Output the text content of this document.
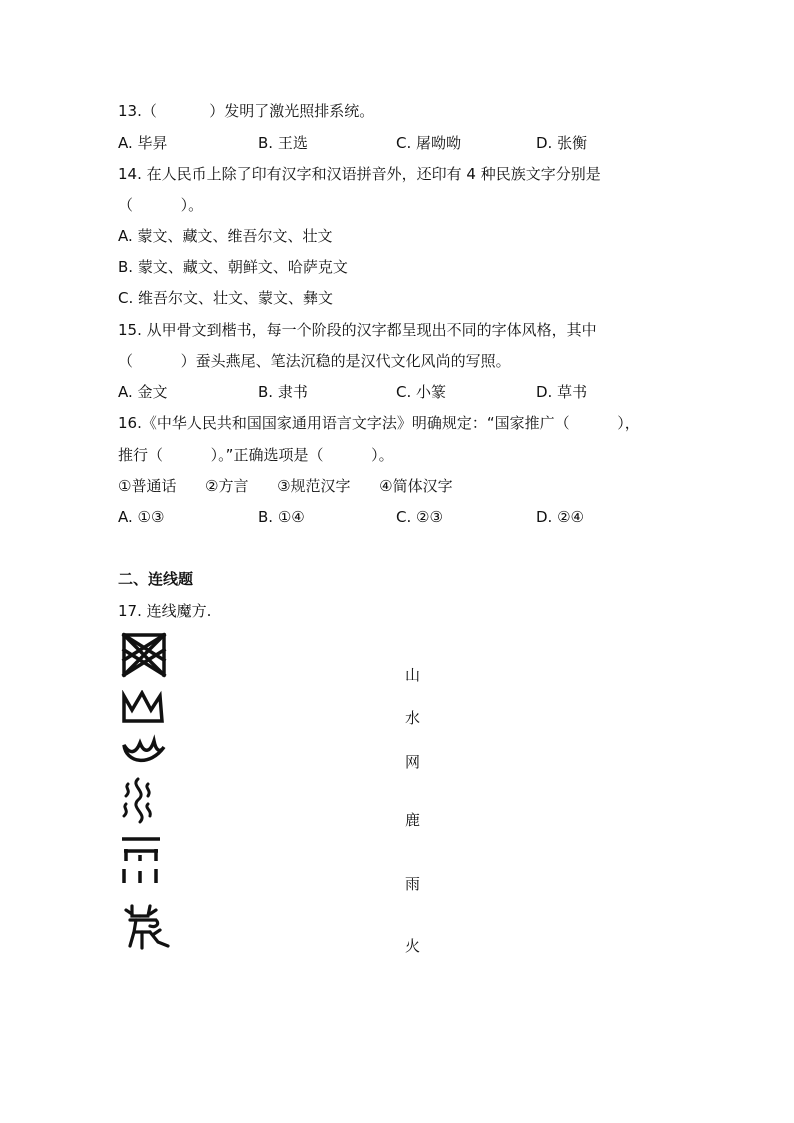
13.（           ）发明了激光照排系统。
A. 毕昇	B. 王选	C. 屠呦呦	D. 张衡
14. 在人民币上除了印有汉字和汉语拼音外，还印有 4 种民族文字分别是
（          ）。
A. 蒙文、藏文、维吾尔文、壮文
B. 蒙文、藏文、朝鲜文、哈萨克文
C. 维吾尔文、壮文、蒙文、彝文
15. 从甲骨文到楷书，每一个阶段的汉字都呈现出不同的字体风格，其中
（          ）蚕头燕尾、笔法沉稳的是汉代文化风尚的写照。
A. 金文	B. 隶书	C. 小篆	D. 草书
16.《中华人民共和国国家通用语言文字法》明确规定：“国家推广（          ），
推行（          ）。”正确选项是（          ）。
①普通话      ②方言      ③规范汉字      ④简体汉字
A. ①③	B. ①④	C. ②③	D. ②④
二、连线题
17. 连线魔方.
山
水
网
鹿
雨
火
